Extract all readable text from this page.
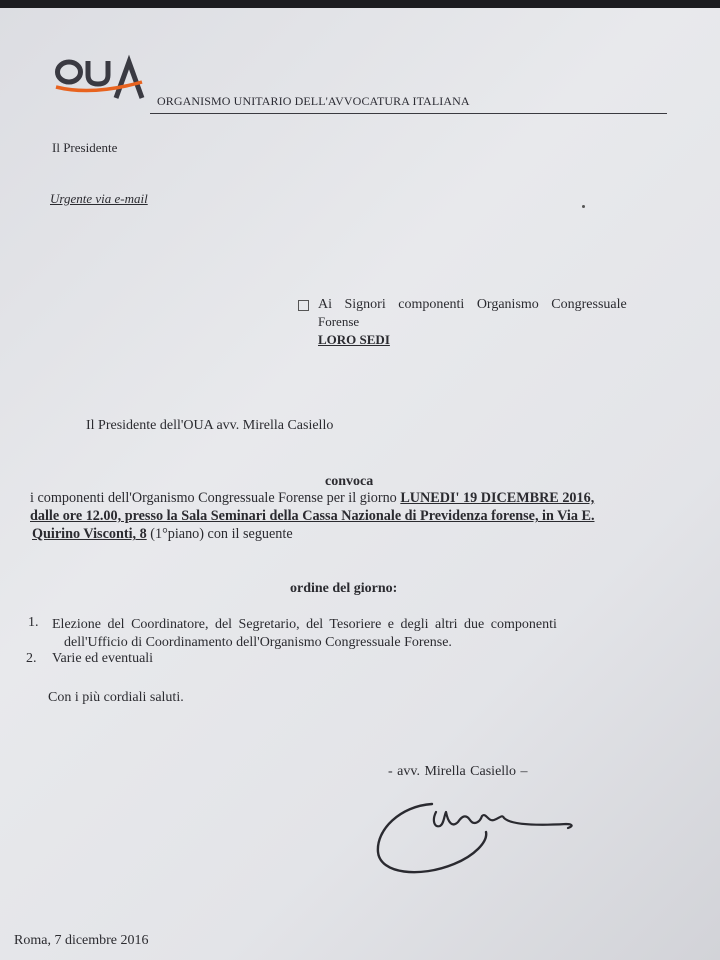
ORGANISMO UNITARIO DELL'AVVOCATURA ITALIANA
Il Presidente
Urgente via e-mail
Ai Signori componenti Organismo Congressuale
Forense
LORO SEDI
Il Presidente dell'OUA avv. Mirella Casiello
convoca
i componenti dell'Organismo Congressuale Forense per il giorno LUNEDI' 19 DICEMBRE 2016,
dalle ore 12.00, presso la Sala Seminari della Cassa Nazionale di Previdenza forense, in Via E.
Quirino Visconti, 8 (1°piano) con il seguente
ordine del giorno:
1. Elezione del Coordinatore, del Segretario, del Tesoriere e degli altri due componenti
dell'Ufficio di Coordinamento dell'Organismo Congressuale Forense.
2. Varie ed eventuali
Con i più cordiali saluti.
- avv. Mirella Casiello –
Roma, 7 dicembre 2016
